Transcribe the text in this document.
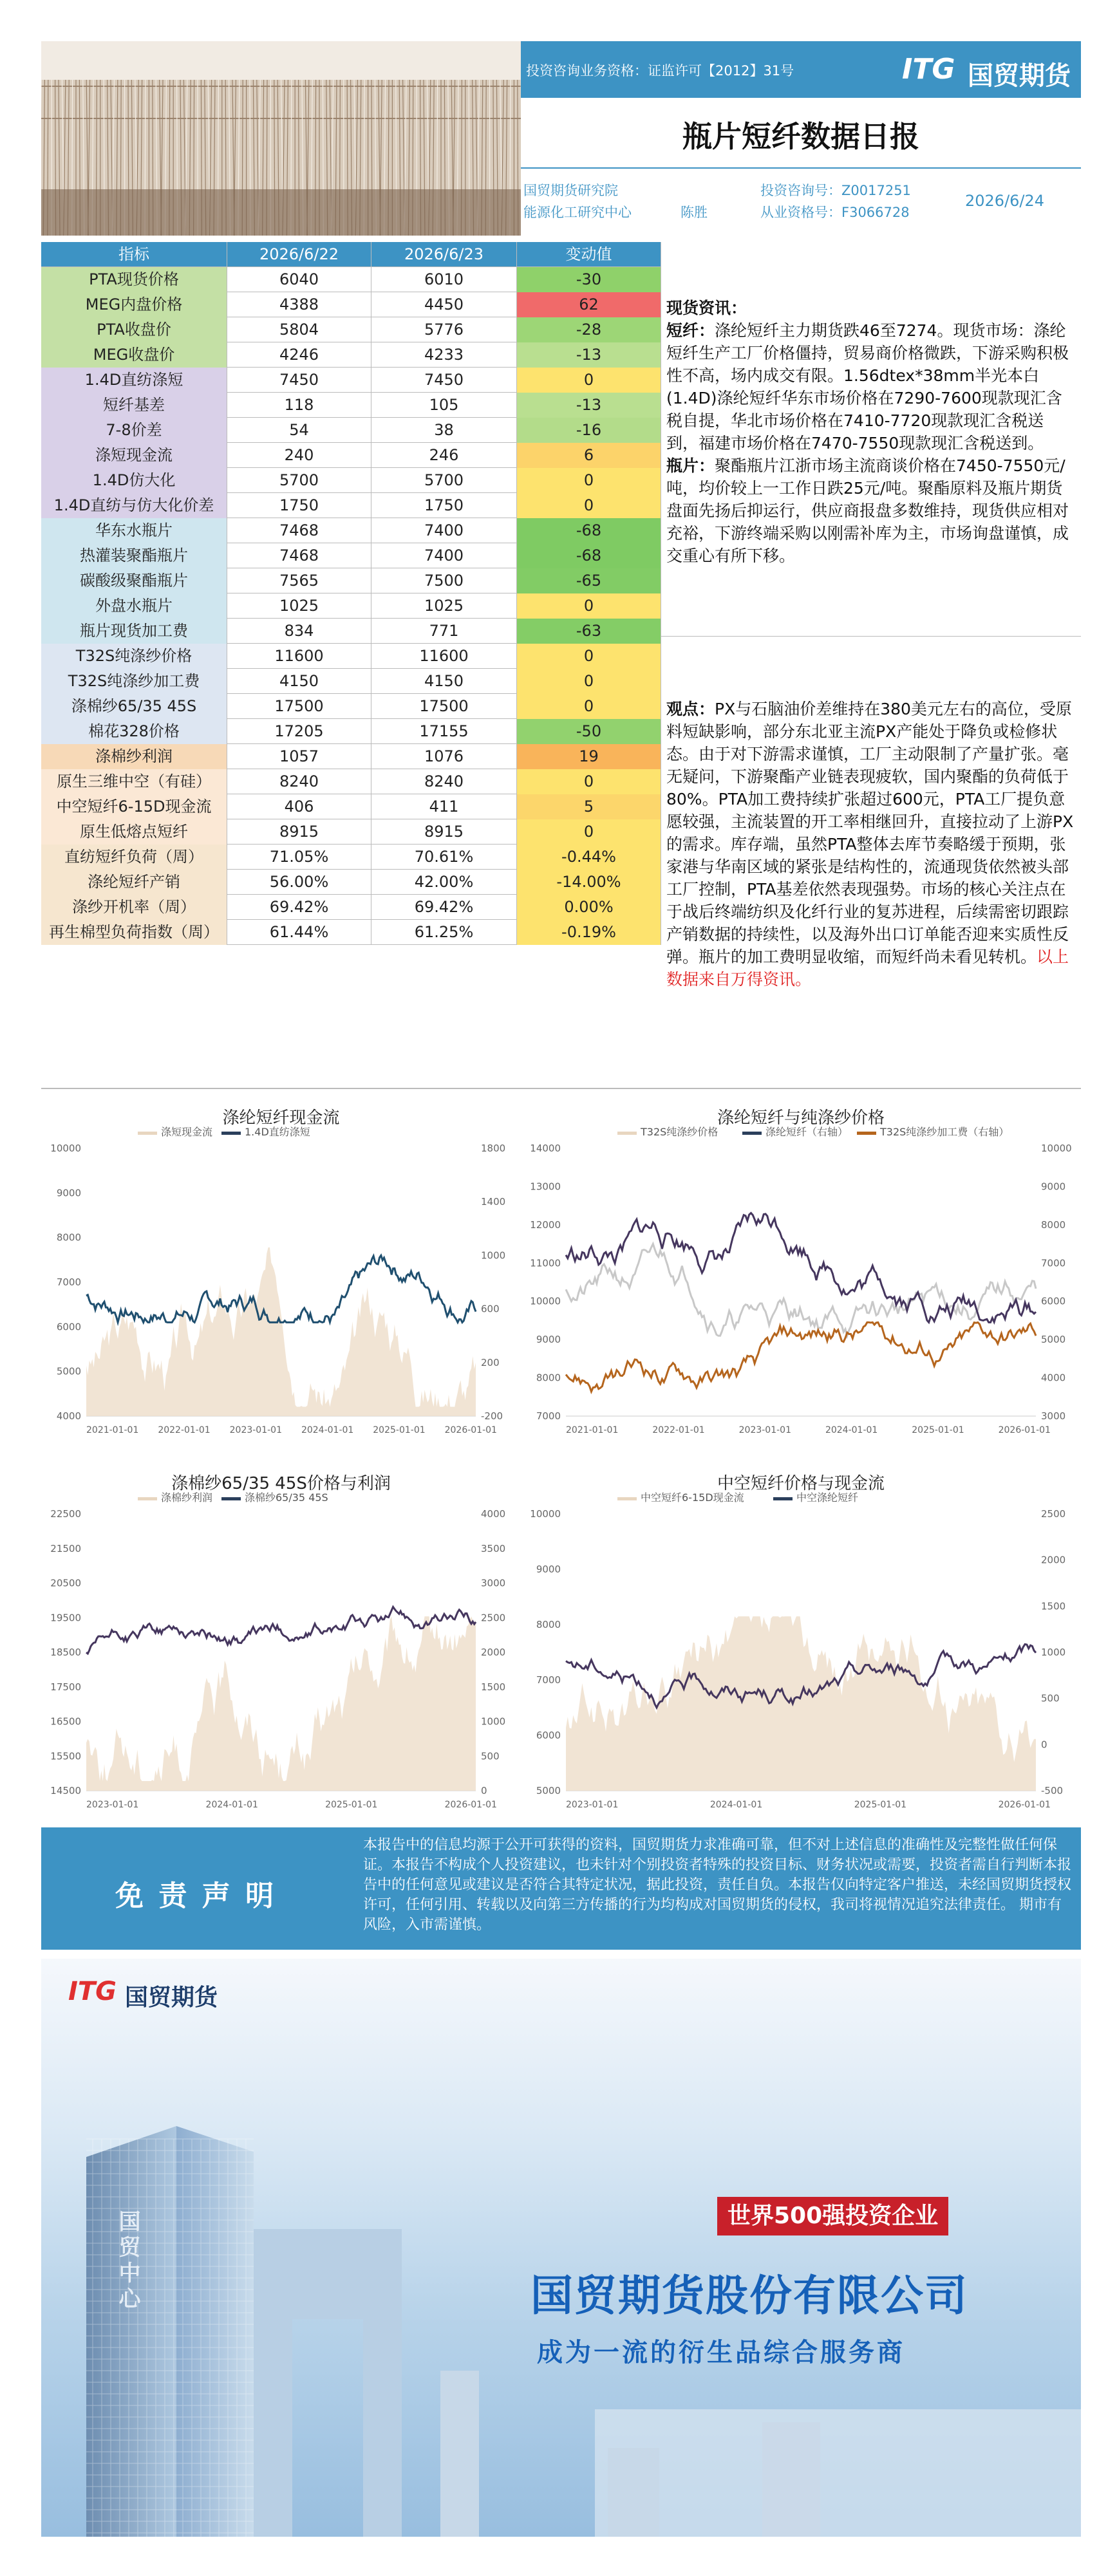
投资咨询业务资格：证监许可【2012】31号	ITG 国贸期货
瓶片短纤数据日报
国贸期货研究院
能源化工研究中心	陈胜
投资咨询号：Z0017251
从业资格号：F3066728
2026/6/24
指标	2026/6/22	2026/6/23	变动值
PTA现货价格	6040	6010	-30
MEG内盘价格	4388	4450	62
PTA收盘价	5804	5776	-28
MEG收盘价	4246	4233	-13
1.4D直纺涤短	7450	7450	0
短纤基差	118	105	-13
7-8价差	54	38	-16
涤短现金流	240	246	6
1.4D仿大化	5700	5700	0
1.4D直纺与仿大化价差	1750	1750	0
华东水瓶片	7468	7400	-68
热灌装聚酯瓶片	7468	7400	-68
碳酸级聚酯瓶片	7565	7500	-65
外盘水瓶片	1025	1025	0
瓶片现货加工费	834	771	-63
T32S纯涤纱价格	11600	11600	0
T32S纯涤纱加工费	4150	4150	0
涤棉纱65/35 45S	17500	17500	0
棉花328价格	17205	17155	-50
涤棉纱利润	1057	1076	19
原生三维中空（有硅）	8240	8240	0
中空短纤6-15D现金流	406	411	5
原生低熔点短纤	8915	8915	0
直纺短纤负荷（周）	71.05%	70.61%	-0.44%
涤纶短纤产销	56.00%	42.00%	-14.00%
涤纱开机率（周）	69.42%	69.42%	0.00%
再生棉型负荷指数（周）	61.44%	61.25%	-0.19%
现货资讯：
短纤：涤纶短纤主力期货跌46至7274。现货市场：涤纶短纤生产工厂价格僵持，贸易商价格微跌，下游采购积极性不高，场内成交有限。1.56dtex*38mm半光本白(1.4D)涤纶短纤华东市场价格在7290-7600现款现汇含税自提，华北市场价格在7410-7720现款现汇含税送到，福建市场价格在7470-7550现款现汇含税送到。
瓶片：聚酯瓶片江浙市场主流商谈价格在7450-7550元/吨，均价较上一工作日跌25元/吨。聚酯原料及瓶片期货盘面先扬后抑运行，供应商报盘多数维持，现货供应相对充裕，下游终端采购以刚需补库为主，市场询盘谨慎，成交重心有所下移。
观点：PX与石脑油价差维持在380美元左右的高位，受原料短缺影响，部分东北亚主流PX产能处于降负或检修状态。由于对下游需求谨慎，工厂主动限制了产量扩张。毫无疑问，下游聚酯产业链表现疲软，国内聚酯的负荷低于80%。PTA加工费持续扩张超过600元，PTA工厂提负意愿较强，主流装置的开工率相继回升，直接拉动了上游PX的需求。库存端，虽然PTA整体去库节奏略缓于预期，张家港与华南区域的紧张是结构性的，流通现货依然被头部工厂控制，PTA基差依然表现强势。市场的核心关注点在于战后终端纺织及化纤行业的复苏进程，后续需密切跟踪产销数据的持续性，以及海外出口订单能否迎来实质性反弹。瓶片的加工费明显收缩，而短纤尚未看见转机。以上数据来自万得资讯。
涤纶短纤现金流
涤短现金流	1.4D直纺涤短
10000
9000
8000
7000
6000
5000
4000
1800
1400
1000
600
200
-200
2021-01-01 2022-01-01 2023-01-01 2024-01-01 2025-01-01 2026-01-01
涤纶短纤与纯涤纱价格
T32S纯涤纱价格	涤纶短纤（右轴）	T32S纯涤纱加工费（右轴）
14000
13000
12000
11000
10000
9000
8000
7000
10000
9000
8000
7000
6000
5000
4000
3000
2021-01-01	2022-01-01	2023-01-01	2024-01-01	2025-01-01	2026-01-01
涤棉纱65/35 45S价格与利润
涤棉纱利润	涤棉纱65/35 45S
22500
21500
20500
19500
18500
17500
16500
15500
14500
4000
3500
3000
2500
2000
1500
1000
500
0
2023-01-01	2024-01-01	2025-01-01	2026-01-01
中空短纤价格与现金流
中空短纤6-15D现金流	中空涤纶短纤
10000
9000
8000
7000
6000
5000
2500
2000
1500
1000
500
0
-500
2023-01-01	2024-01-01	2025-01-01	2026-01-01
免 责 声 明
本报告中的信息均源于公开可获得的资料，国贸期货力求准确可靠，但不对上述信息的准确性及完整性做任何保证。本报告不构成个人投资建议，也未针对个别投资者特殊的投资目标、财务状况或需要，投资者需自行判断本报告中的任何意见或建议是否符合其特定状况，据此投资，责任自负。本报告仅向特定客户推送，未经国贸期货授权许可，任何引用、转载以及向第三方传播的行为均构成对国贸期货的侵权，我司将视情况追究法律责任。 期市有风险，入市需谨慎。
ITG 国贸期货
国贸中心	世界500强投资企业
国贸期货股份有限公司
成为一流的衍生品综合服务商
